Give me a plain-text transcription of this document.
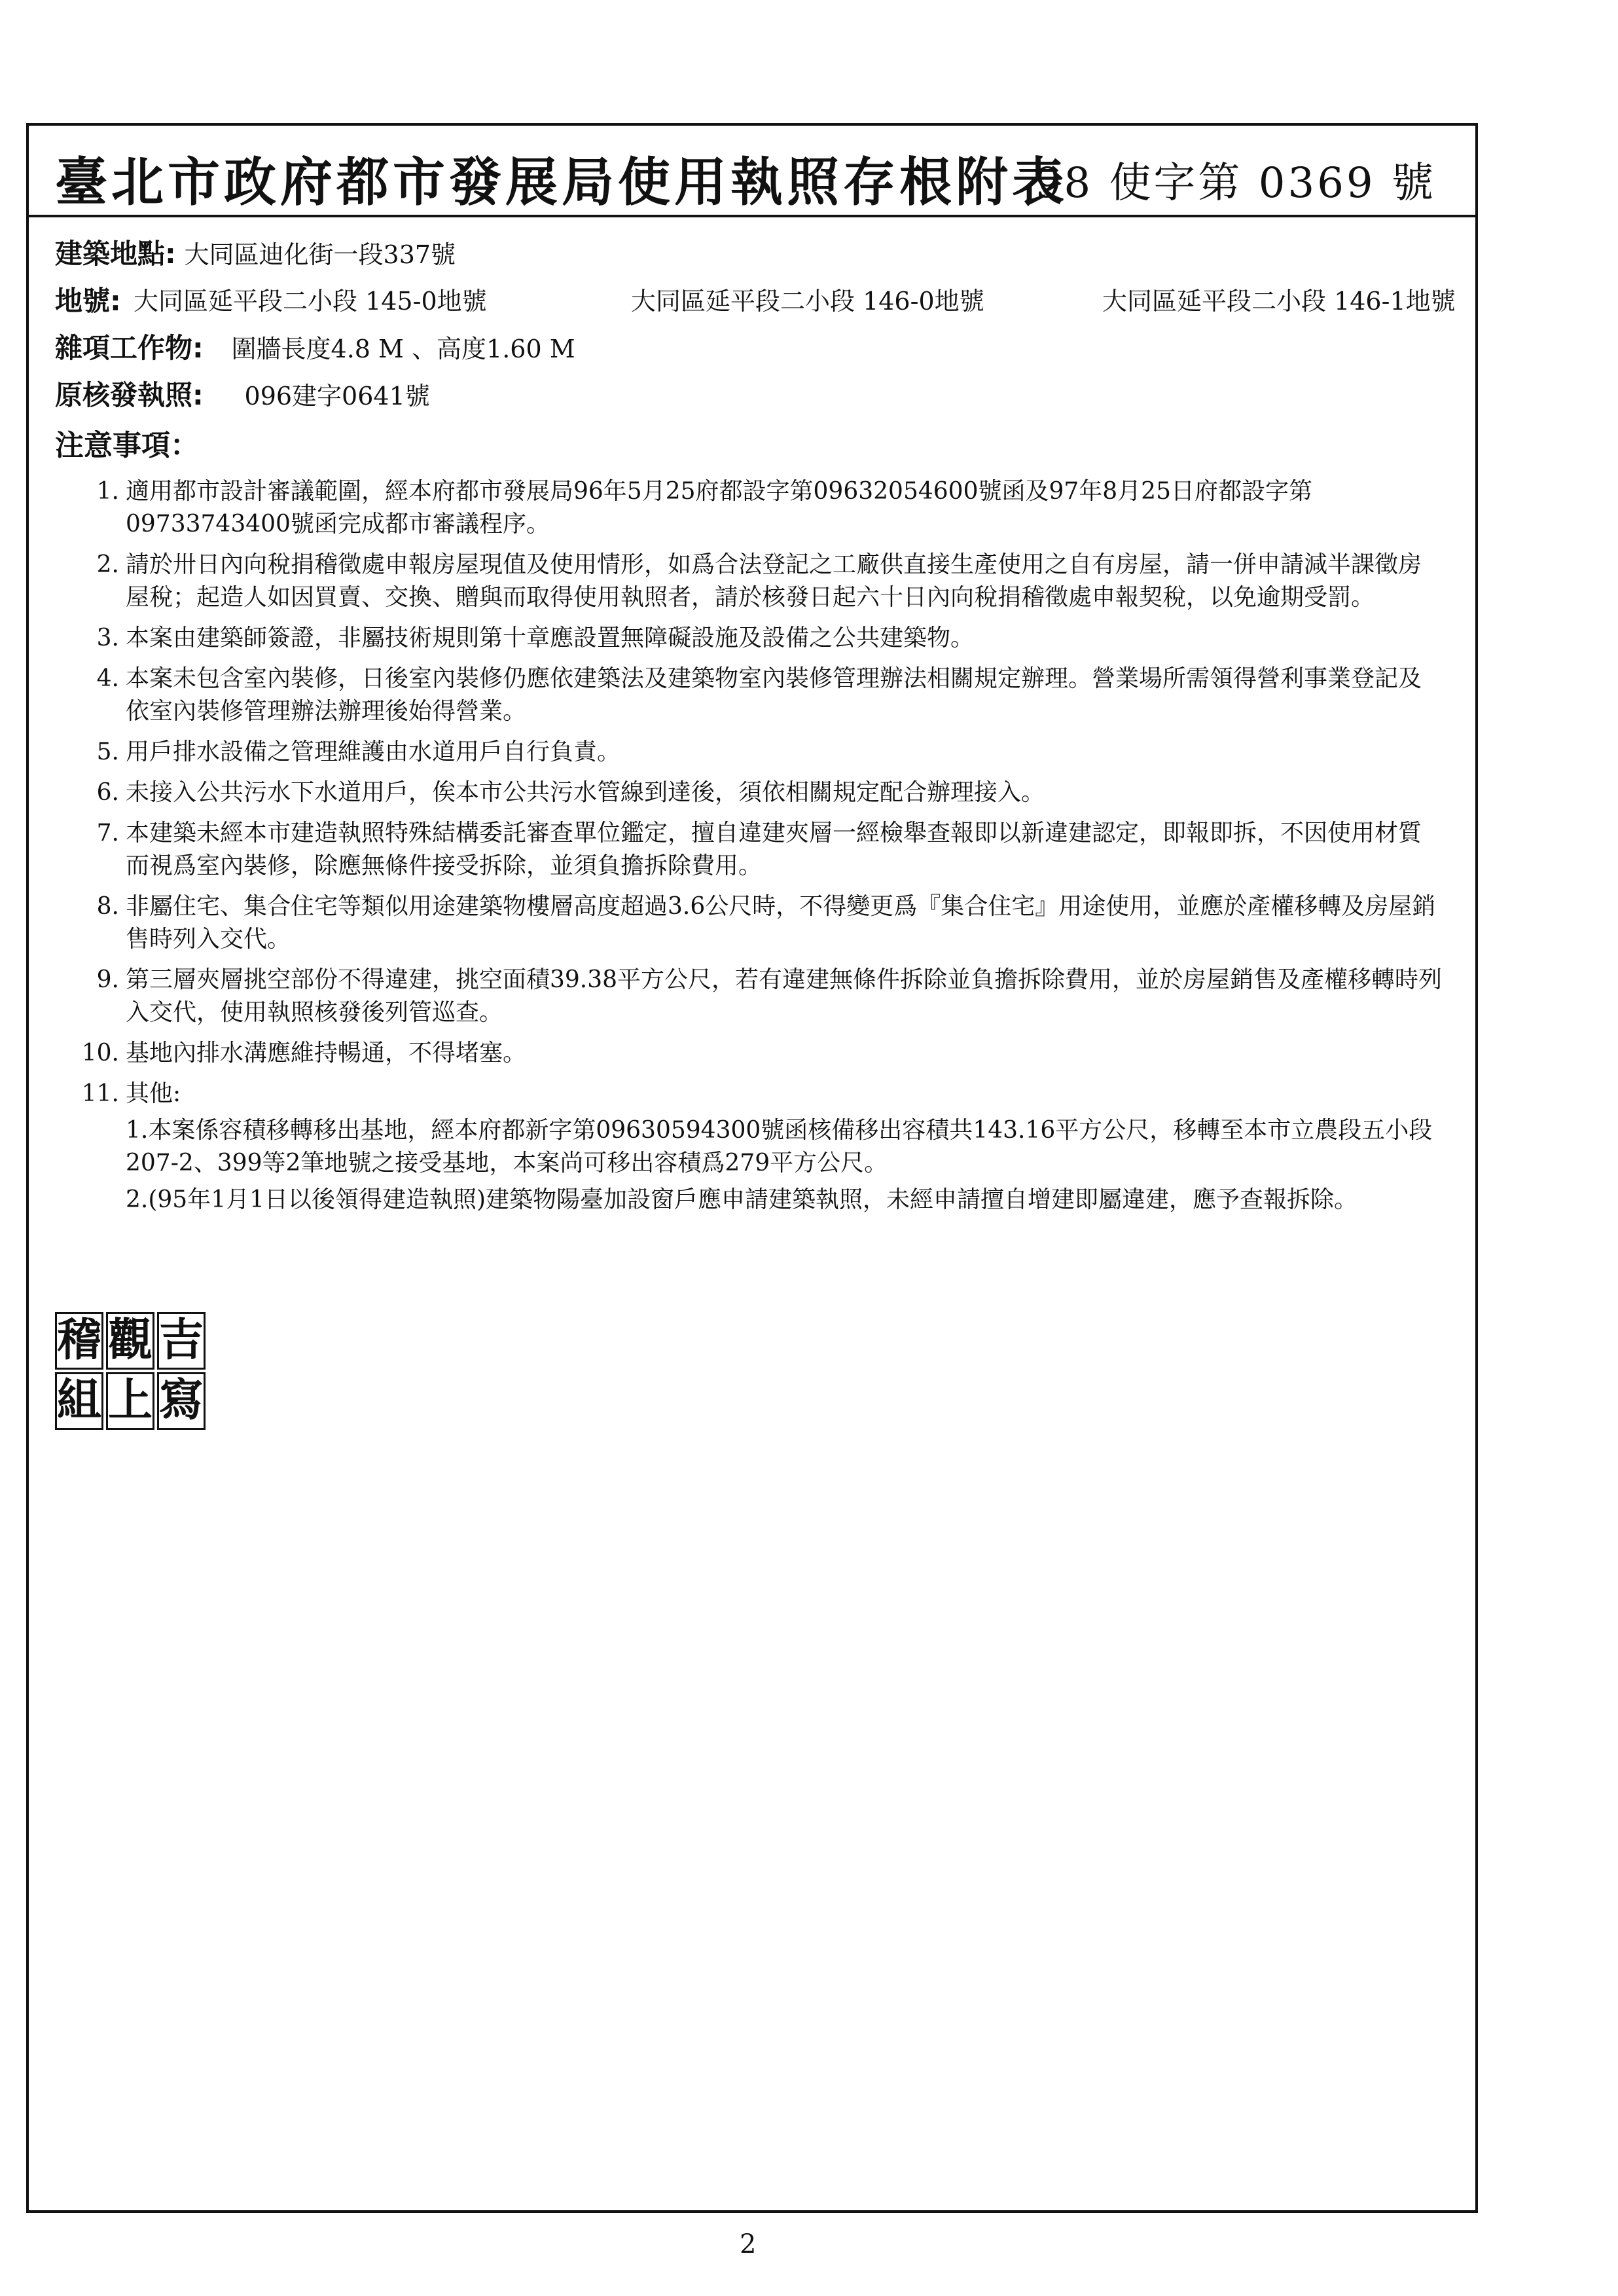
臺北市政府都市發展局使用執照存根附表
98 使字第 0369 號
建築地點: 大同區迪化街一段337號
地號: 大同區延平段二小段 145-0地號	大同區延平段二小段 146-0地號	大同區延平段二小段 146-1地號
雜項工作物: 圍牆長度4.8 M 、高度1.60 M
原核發執照: 096建字0641號
注意事項：
1. 適用都市設計審議範圍，經本府都市發展局96年5月25府都設字第09632054600號函及97年8月25日府都設字第09733743400號函完成都市審議程序。
2. 請於卅日內向稅捐稽徵處申報房屋現值及使用情形，如爲合法登記之工廠供直接生產使用之自有房屋，請一併申請減半課徵房屋稅；起造人如因買賣、交換、贈與而取得使用執照者，請於核發日起六十日內向稅捐稽徵處申報契稅，以免逾期受罰。
3. 本案由建築師簽證，非屬技術規則第十章應設置無障礙設施及設備之公共建築物。
4. 本案未包含室內裝修，日後室內裝修仍應依建築法及建築物室內裝修管理辦法相關規定辦理。營業場所需領得營利事業登記及依室內裝修管理辦法辦理後始得營業。
5. 用戶排水設備之管理維護由水道用戶自行負責。
6. 未接入公共污水下水道用戶，俟本市公共污水管線到達後，須依相關規定配合辦理接入。
7. 本建築未經本市建造執照特殊結構委託審查單位鑑定，擅自違建夾層一經檢舉查報即以新違建認定，即報即拆，不因使用材質而視爲室內裝修，除應無條件接受拆除，並須負擔拆除費用。
8. 非屬住宅、集合住宅等類似用途建築物樓層高度超過3.6公尺時，不得變更爲『集合住宅』用途使用，並應於產權移轉及房屋銷售時列入交代。
9. 第三層夾層挑空部份不得違建，挑空面積39.38平方公尺，若有違建無條件拆除並負擔拆除費用，並於房屋銷售及產權移轉時列入交代，使用執照核發後列管巡查。
10. 基地內排水溝應維持暢通，不得堵塞。
11. 其他:
1.本案係容積移轉移出基地，經本府都新字第09630594300號函核備移出容積共143.16平方公尺，移轉至本市立農段五小段207-2、399等2筆地號之接受基地，本案尚可移出容積爲279平方公尺。
2.(95年1月1日以後領得建造執照)建築物陽臺加設窗戶應申請建築執照，未經申請擅自增建即屬違建，應予查報拆除。
稽 觀 吉
組 上 寫
2
